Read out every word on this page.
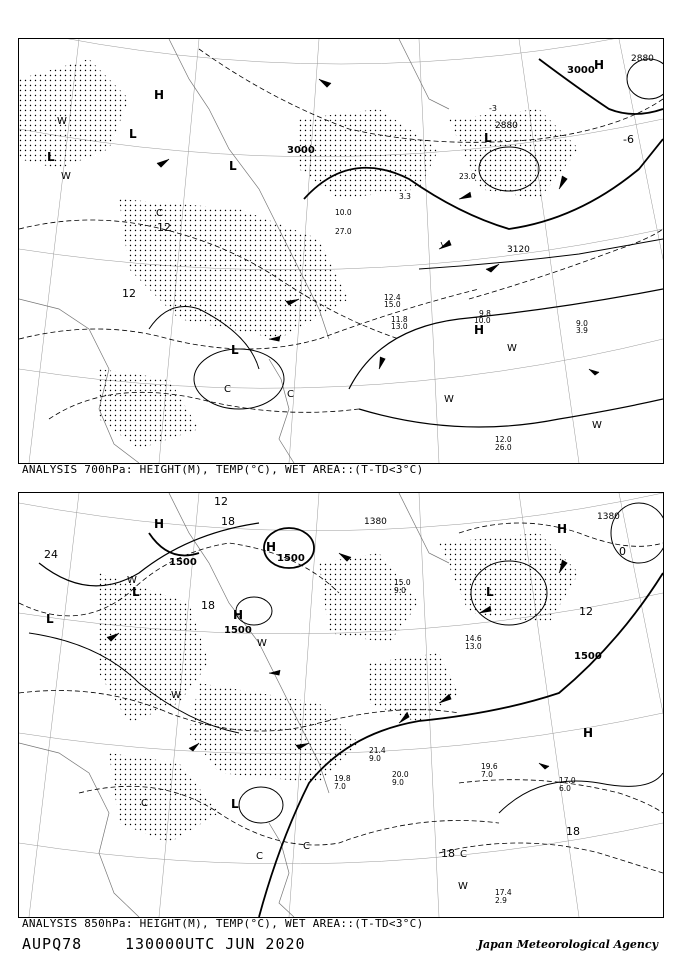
12
12
-6
-3
3000
3000
2880
2880
3120
H
L
L
L
H
L
H
L
W
W
W
W
C
C	C
W
9.8
10.0	9.0
3.9
12.0
26.0
11.8
13.0
12.4
15.0
3.3
23.0
27.0
10.0
ANALYSIS 700hPa: HEIGHT(M), TEMP(°C), WET AREA::(T-TD<3°C)
18
24
18	12
0
18
18
12
1500	1500
1500
1500
1380	1380
H
H
L
L	H
H
L
L
H
W
W
W
C
C
C
C
W
17.0
6.0
19.6
7.0
17.4
2.9
21.4
9.0
20.0
9.0
19.8
7.0
14.6
13.0
15.0
9.0
ANALYSIS 850hPa: HEIGHT(M), TEMP(°C), WET AREA::(T-TD<3°C)
AUPQ78	130000UTC JUN 2020	Japan Meteorological Agency
